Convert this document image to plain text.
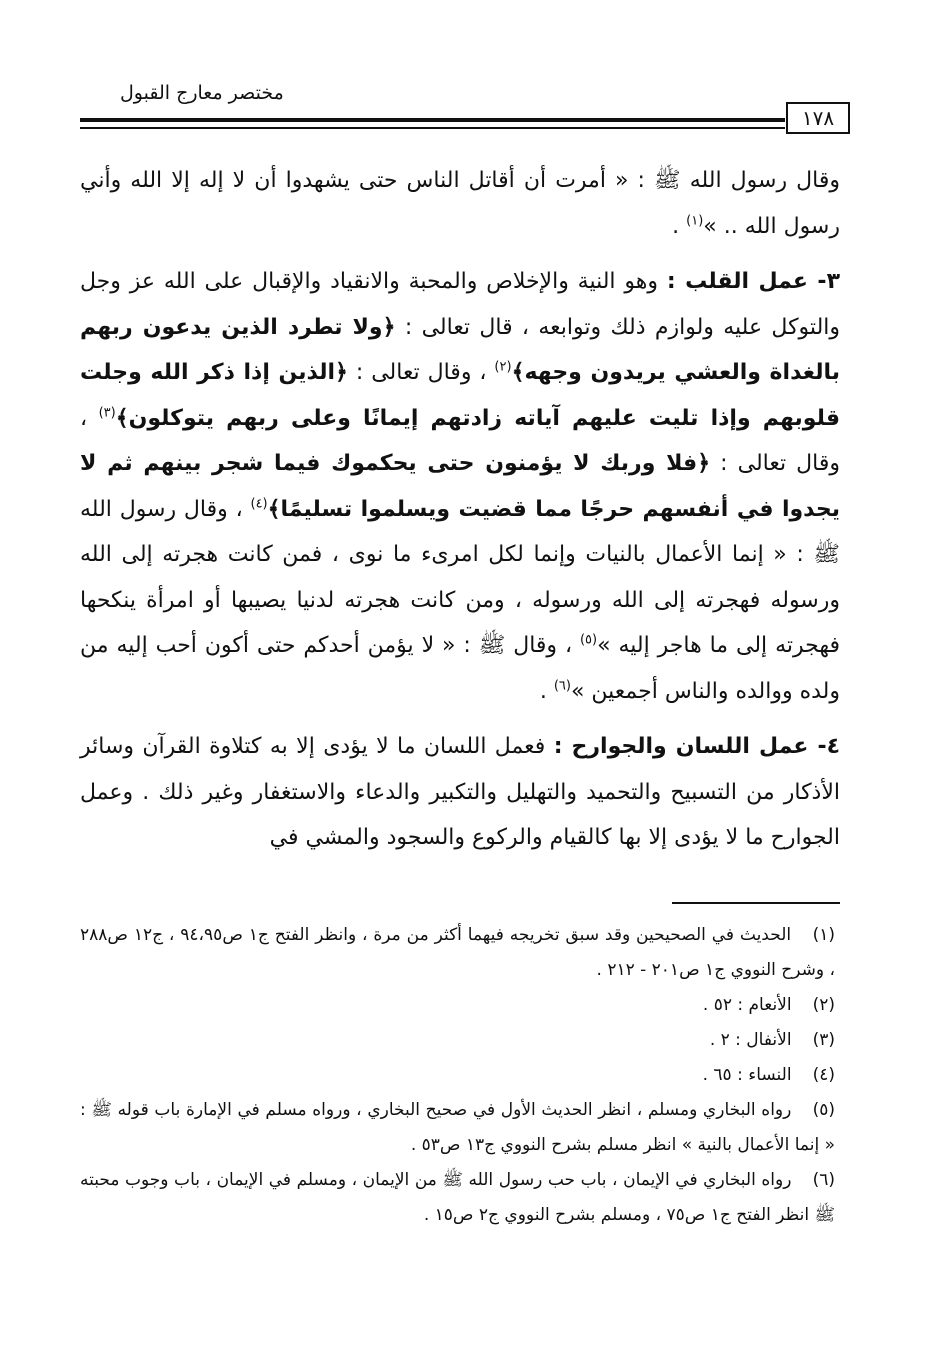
مختصر معارج القبول
١٧٨

وقال رسول الله ﷺ : « أمرت أن أقاتل الناس حتى يشهدوا أن لا إله إلا الله وأني رسول الله .. »$^{(١)}$ .

٣- عمل القلب : وهو النية والإخلاص والمحبة والانقياد والإقبال على الله عز وجل والتوكل عليه ولوازم ذلك وتوابعه ، قال تعالى : ﴿ولا تطرد الذين يدعون ربهم بالغداة والعشي يريدون وجهه﴾$^{(٢)}$ ، وقال تعالى : ﴿الذين إذا ذكر الله وجلت قلوبهم وإذا تليت عليهم آياته زادتهم إيمانًا وعلى ربهم يتوكلون﴾$^{(٣)}$ ، وقال تعالى : ﴿فلا وربك لا يؤمنون حتى يحكموك فيما شجر بينهم ثم لا يجدوا في أنفسهم حرجًا مما قضيت ويسلموا تسليمًا﴾$^{(٤)}$ ، وقال رسول الله ﷺ : « إنما الأعمال بالنيات وإنما لكل امرىء ما نوى ، فمن كانت هجرته إلى الله ورسوله فهجرته إلى الله ورسوله ، ومن كانت هجرته لدنيا يصيبها أو امرأة ينكحها فهجرته إلى ما هاجر إليه »$^{(٥)}$ ، وقال ﷺ : « لا يؤمن أحدكم حتى أكون أحب إليه من ولده ووالده والناس أجمعين »$^{(٦)}$ .

٤- عمل اللسان والجوارح : فعمل اللسان ما لا يؤدى إلا به كتلاوة القرآن وسائر الأذكار من التسبيح والتحميد والتهليل والتكبير والدعاء والاستغفار وغير ذلك . وعمل الجوارح ما لا يؤدى إلا بها كالقيام والركوع والسجود والمشي في

(١) الحديث في الصحيحين وقد سبق تخريجه فيهما أكثر من مرة ، وانظر الفتح ج١ ص٩٤،٩٥ ، ج١٢ ص٢٨٨ ، وشرح النووي ج١ ص٢٠١ - ٢١٢ .

(٢) الأنعام : ٥٢ .

(٣) الأنفال : ٢ .

(٤) النساء : ٦٥ .

(٥) رواه البخاري ومسلم ، انظر الحديث الأول في صحيح البخاري ، ورواه مسلم في الإمارة باب قوله ﷺ : « إنما الأعمال بالنية » انظر مسلم بشرح النووي ج١٣ ص٥٣ .

(٦) رواه البخاري في الإيمان ، باب حب رسول الله ﷺ من الإيمان ، ومسلم في الإيمان ، باب وجوب محبته ﷺ انظر الفتح ج١ ص٧٥ ، ومسلم بشرح النووي ج٢ ص١٥ .
